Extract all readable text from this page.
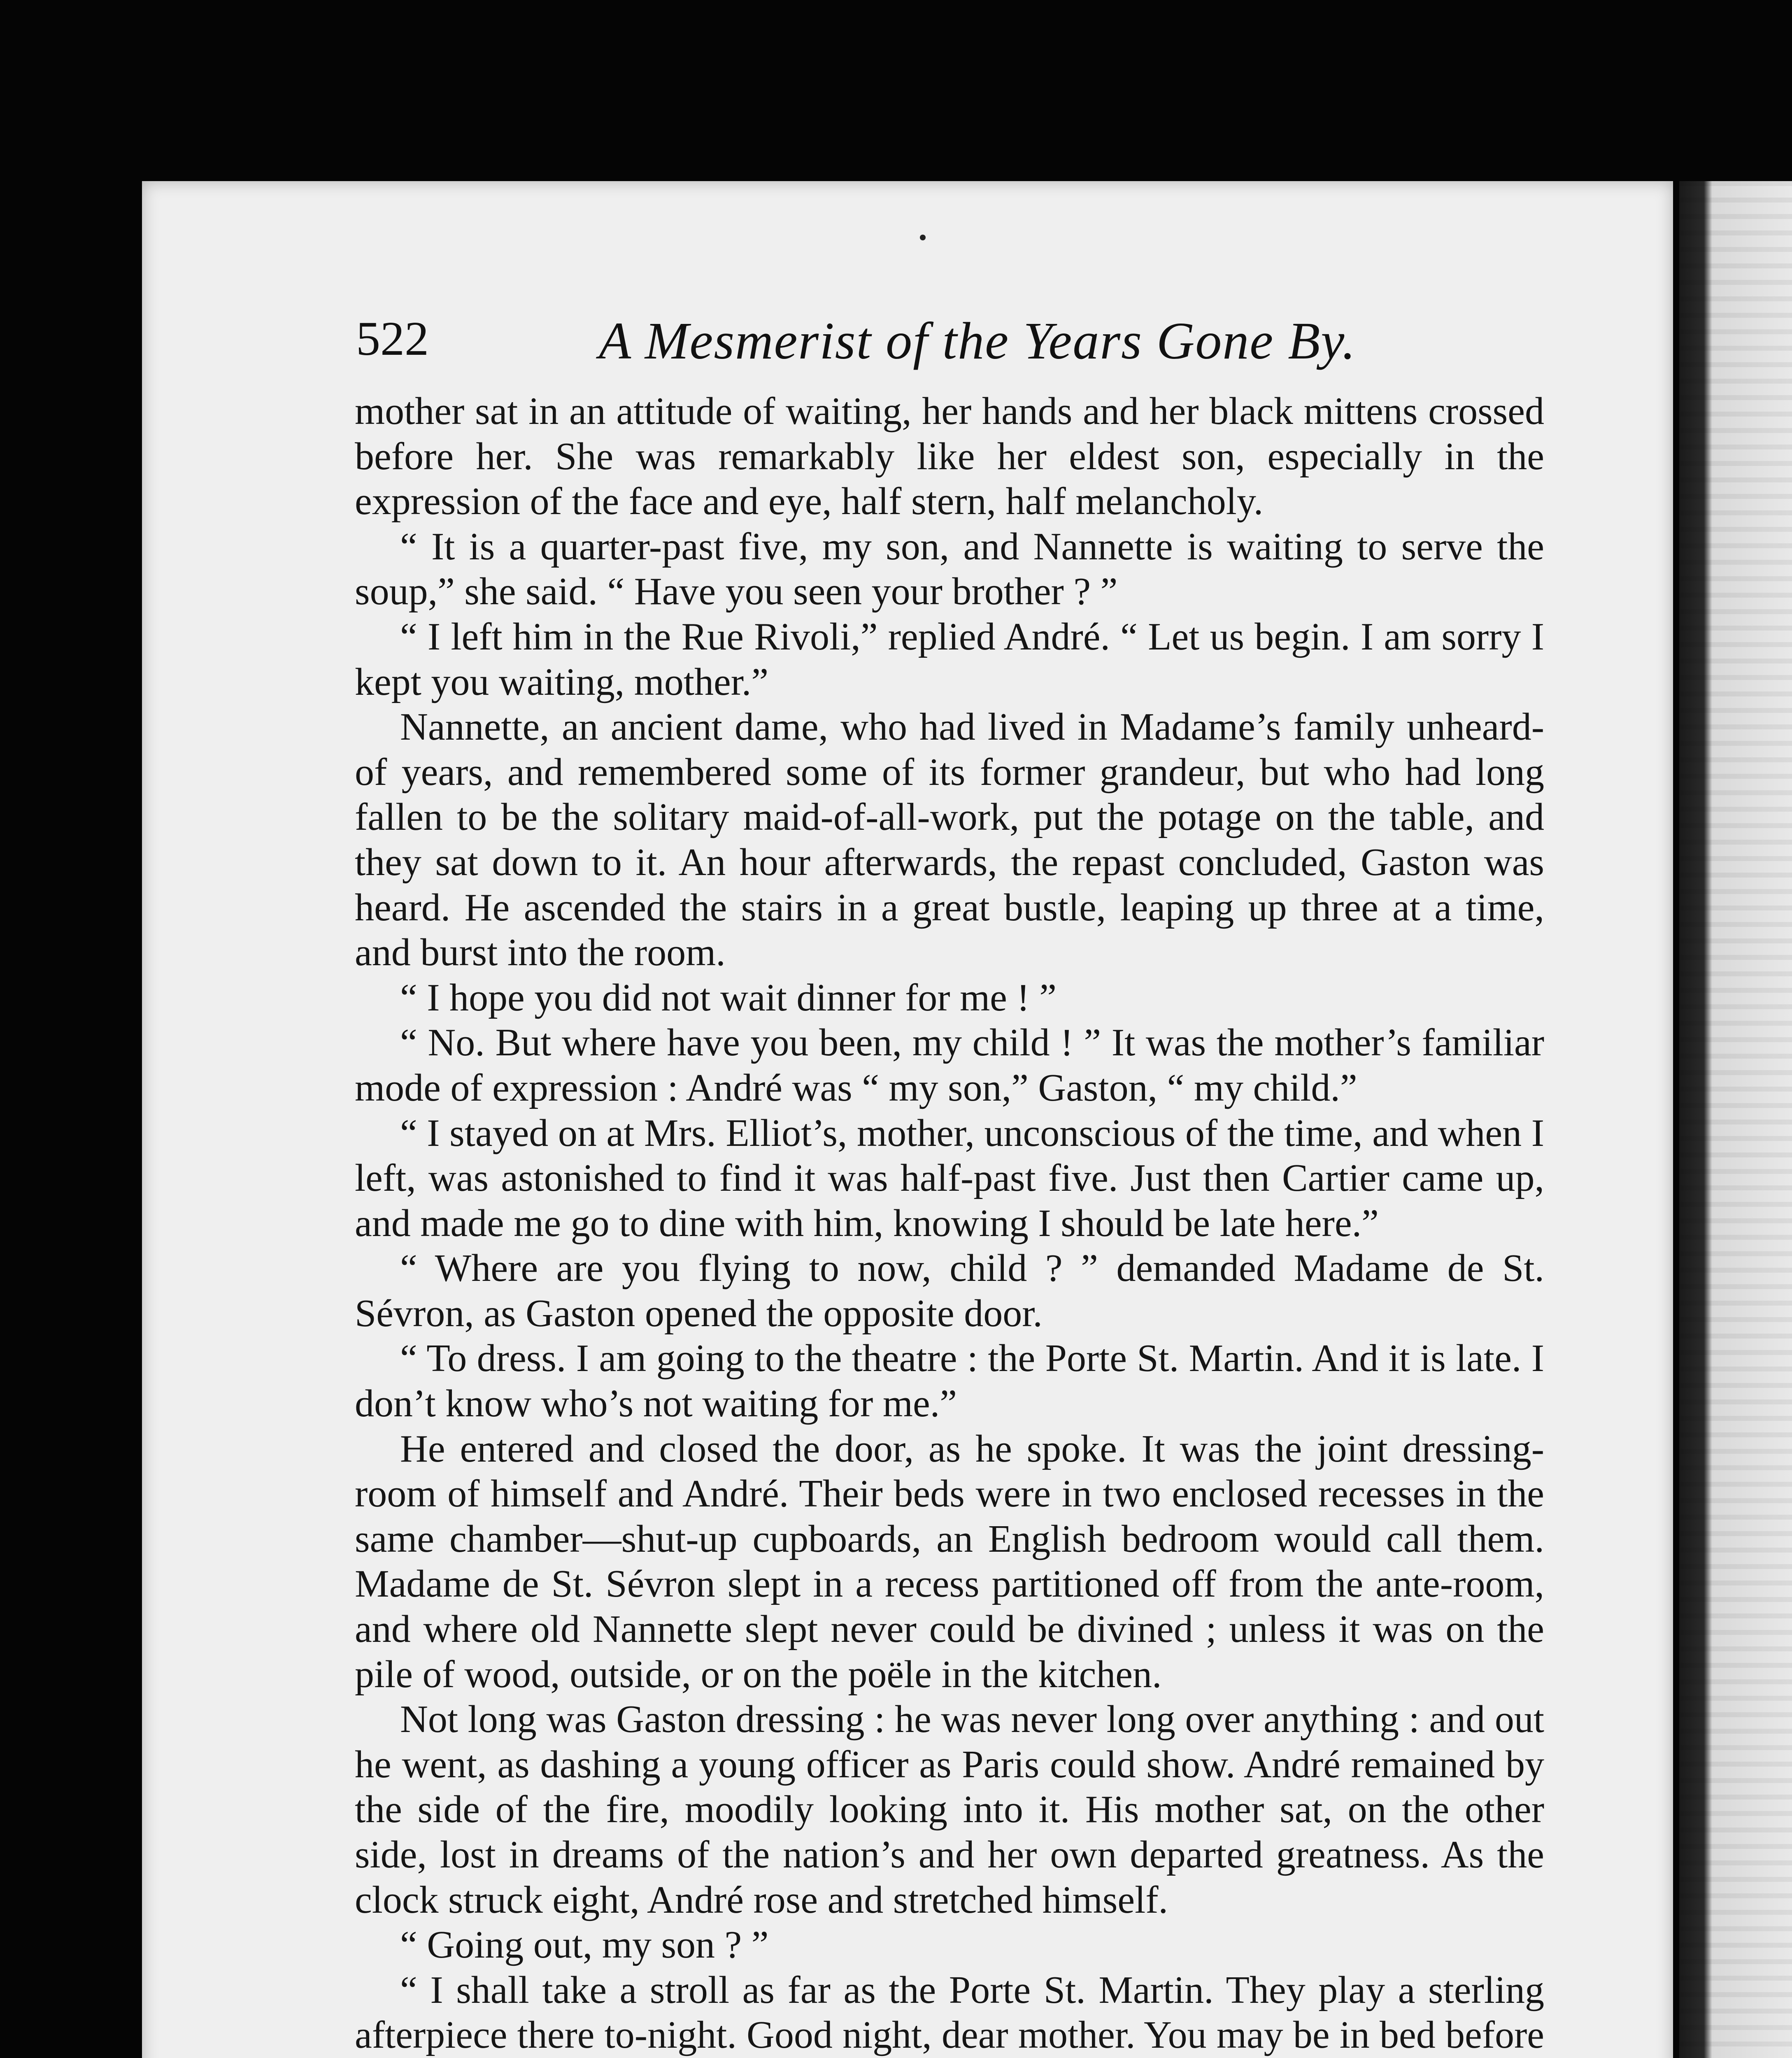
522	A Mesmerist of the Years Gone By.

mother sat in an attitude of waiting, her hands and her black mittens crossed before her. She was remarkably like her eldest son, especially in the expression of the face and eye, half stern, half melancholy.

“ It is a quarter-past five, my son, and Nannette is waiting to serve the soup,” she said. “ Have you seen your brother ? ”

“ I left him in the Rue Rivoli,” replied André. “ Let us begin. I am sorry I kept you waiting, mother.”

Nannette, an ancient dame, who had lived in Madame’s family unheard-of years, and remembered some of its former grandeur, but who had long fallen to be the solitary maid-of-all-work, put the potage on the table, and they sat down to it. An hour afterwards, the repast concluded, Gaston was heard. He ascended the stairs in a great bustle, leaping up three at a time, and burst into the room.

“ I hope you did not wait dinner for me ! ”

“ No. But where have you been, my child ! ” It was the mother’s familiar mode of expression : André was “ my son,” Gaston, “ my child.”

“ I stayed on at Mrs. Elliot’s, mother, unconscious of the time, and when I left, was astonished to find it was half-past five. Just then Cartier came up, and made me go to dine with him, knowing I should be late here.”

“ Where are you flying to now, child ? ” demanded Madame de St. Sévron, as Gaston opened the opposite door.

“ To dress. I am going to the theatre : the Porte St. Martin. And it is late. I don’t know who’s not waiting for me.”

He entered and closed the door, as he spoke. It was the joint dressing-room of himself and André. Their beds were in two enclosed recesses in the same chamber—shut-up cupboards, an English bedroom would call them. Madame de St. Sévron slept in a recess partitioned off from the ante-room, and where old Nannette slept never could be divined ; unless it was on the pile of wood, outside, or on the poële in the kitchen.

Not long was Gaston dressing : he was never long over anything : and out he went, as dashing a young officer as Paris could show. André remained by the side of the fire, moodily looking into it. His mother sat, on the other side, lost in dreams of the nation’s and her own departed greatness. As the clock struck eight, André rose and stretched himself.

“ Going out, my son ? ”

“ I shall take a stroll as far as the Porte St. Martin. They play a sterling afterpiece there to-night. Good night, dear mother. You may be in bed before
